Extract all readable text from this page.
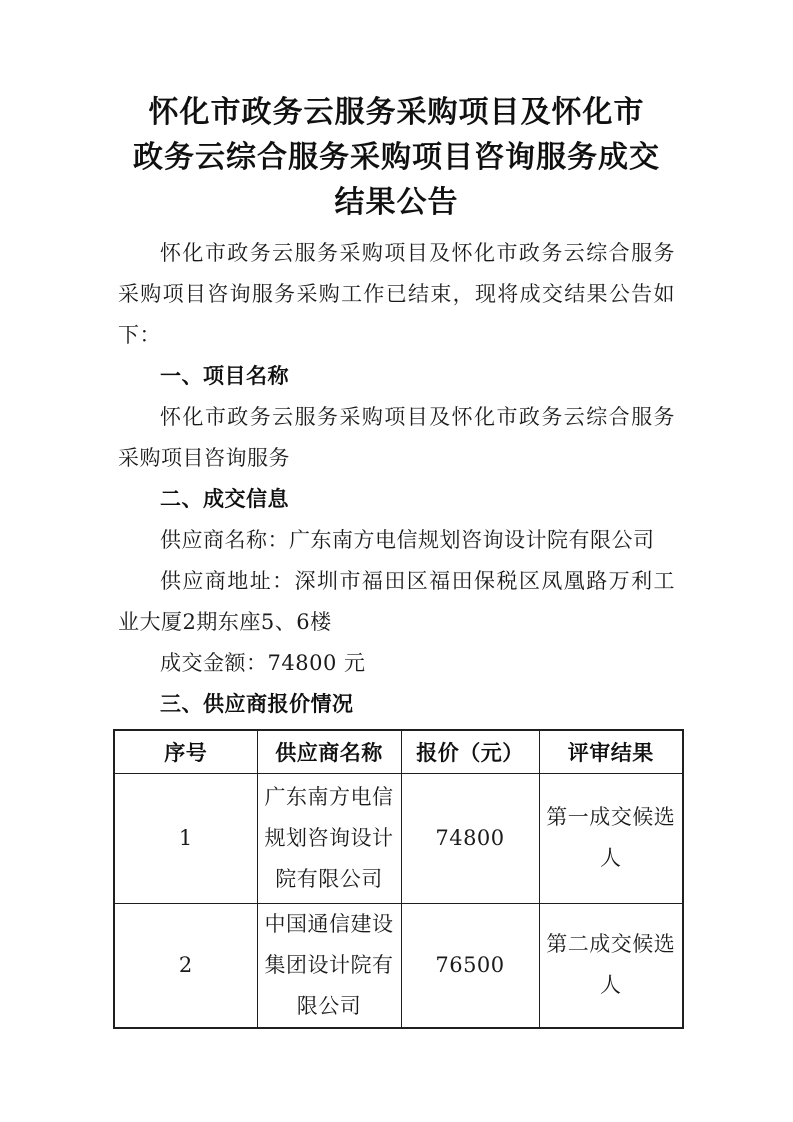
怀化市政务云服务采购项目及怀化市
政务云综合服务采购项目咨询服务成交
结果公告

怀化市政务云服务采购项目及怀化市政务云综合服务采购项目咨询服务采购工作已结束，现将成交结果公告如下：

一、项目名称

怀化市政务云服务采购项目及怀化市政务云综合服务采购项目咨询服务

二、成交信息

供应商名称：广东南方电信规划咨询设计院有限公司

供应商地址：深圳市福田区福田保税区凤凰路万利工业大厦2期东座5、6楼

成交金额：74800 元

三、供应商报价情况
序号	供应商名称	报价（元）	评审结果
1	广东南方电信规划咨询设计院有限公司	74800	第一成交候选人
2	中国通信建设集团设计院有限公司	76500	第二成交候选人
